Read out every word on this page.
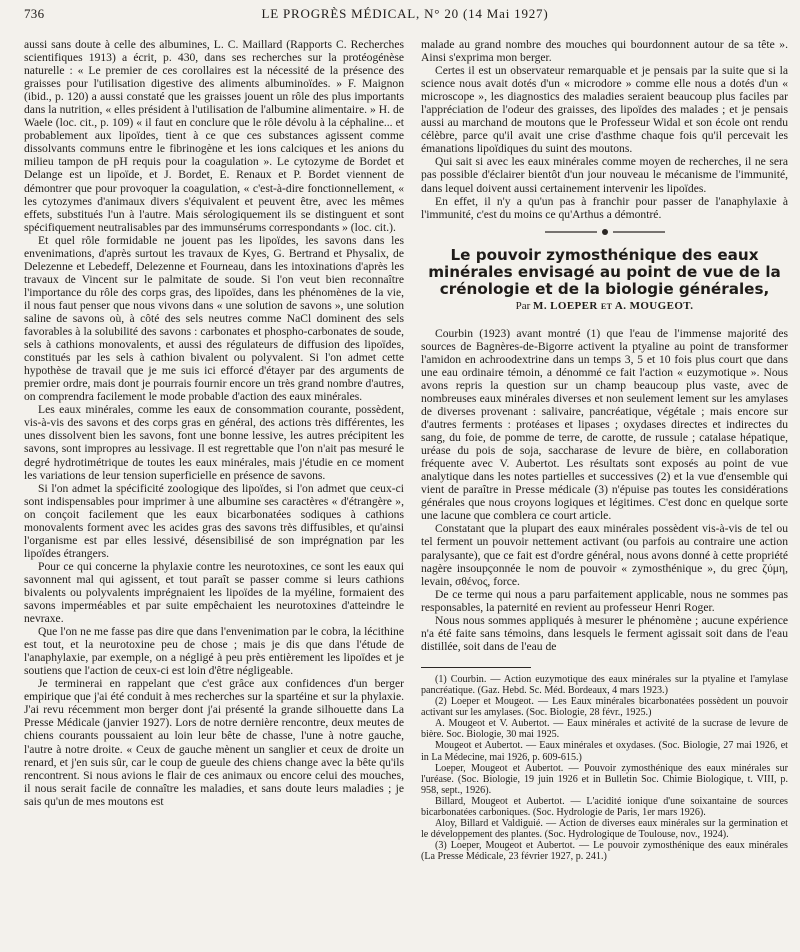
736	LE PROGRÈS MÉDICAL, N° 20 (14 Mai 1927)

aussi sans doute à celle des albumines, L. C. Maillard (Rapports C. Recherches scientifiques 1913) a écrit, p. 430, dans ses recherches sur la protéogénèse naturelle : « Le premier de ces corollaires est la nécessité de la présence des graisses pour l'utilisation digestive des aliments albuminoïdes. » F. Maignon (ibid., p. 120) a aussi constaté que les graisses jouent un rôle des plus importants dans la nutrition, « elles président à l'utilisation de l'albumine alimentaire. » H. de Waele (loc. cit., p. 109) « il faut en conclure que le rôle dévolu à la céphaline... et probablement aux lipoïdes, tient à ce que ces substances agissent comme dissolvants communs entre le fibrinogène et les ions calciques et les anions du milieu tampon de pH requis pour la coagulation ». Le cytozyme de Bordet et Delange est un lipoïde, et J. Bordet, E. Renaux et P. Bordet viennent de démontrer que pour provoquer la coagulation, « c'est-à-dire fonctionnellement, « les cytozymes d'animaux divers s'équivalent et peuvent être, avec les mêmes effets, substitués l'un à l'autre. Mais sérologiquement ils se distinguent et sont spécifiquement neutralisables par des immunsérums correspondants » (loc. cit.).

Et quel rôle formidable ne jouent pas les lipoïdes, les savons dans les envenimations, d'après surtout les travaux de Kyes, G. Bertrand et Physalix, de Delezenne et Lebedeff, Delezenne et Fourneau, dans les intoxinations d'après les travaux de Vincent sur le palmitate de soude. Si l'on veut bien reconnaître l'importance du rôle des corps gras, des lipoïdes, dans les phénomènes de la vie, il nous faut penser que nous vivons dans « une solution de savons », une solution saline de savons où, à côté des sels neutres comme NaCl dominent des sels favorables à la solubilité des savons : carbonates et phospho-carbonates de soude, sels à cathions monovalents, et aussi des régulateurs de diffusion des lipoïdes, constitués par les sels à cathion bivalent ou polyvalent. Si l'on admet cette hypothèse de travail que je me suis ici efforcé d'étayer par des arguments de premier ordre, mais dont je pourrais fournir encore un très grand nombre d'autres, on comprendra facilement le mode probable d'action des eaux minérales.

Les eaux minérales, comme les eaux de consommation courante, possèdent, vis-à-vis des savons et des corps gras en général, des actions très différentes, les unes dissolvent bien les savons, font une bonne lessive, les autres précipitent les savons, sont impropres au lessivage. Il est regrettable que l'on n'ait pas mesuré le degré hydrotimétrique de toutes les eaux minérales, mais j'étudie en ce moment les variations de leur tension superficielle en présence de savons.

Si l'on admet la spécificité zoologique des lipoïdes, si l'on admet que ceux-ci sont indispensables pour imprimer à une albumine ses caractères « d'étrangère », on conçoit facilement que les eaux bicarbonatées sodiques à cathions monovalents forment avec les acides gras des savons très diffusibles, et qu'ainsi l'organisme est par elles lessivé, désensibilisé de son imprégnation par les lipoïdes étrangers.

Pour ce qui concerne la phylaxie contre les neurotoxines, ce sont les eaux qui savonnent mal qui agissent, et tout paraît se passer comme si leurs cathions bivalents ou polyvalents imprégnaient les lipoïdes de la myéline, formaient des savons imperméables et par suite empêchaient les neurotoxines d'atteindre le nevraxe.

Que l'on ne me fasse pas dire que dans l'envenimation par le cobra, la lécithine est tout, et la neurotoxine peu de chose ; mais je dis que dans l'étude de l'anaphylaxie, par exemple, on a négligé à peu près entièrement les lipoïdes et je soutiens que l'action de ceux-ci est loin d'être négligeable.

Je terminerai en rappelant que c'est grâce aux confidences d'un berger empirique que j'ai été conduit à mes recherches sur la spartéine et sur la phylaxie. J'ai revu récemment mon berger dont j'ai présenté la grande silhouette dans La Presse Médicale (janvier 1927). Lors de notre dernière rencontre, deux meutes de chiens courants poussaient au loin leur bête de chasse, l'une à notre gauche, l'autre à notre droite. « Ceux de gauche mènent un sanglier et ceux de droite un renard, et j'en suis sûr, car le coup de gueule des chiens change avec la bête qu'ils rencontrent. Si nous avions le flair de ces animaux ou encore celui des mouches, il nous serait facile de connaître les maladies, et sans doute leurs maladies ; je sais qu'un de mes moutons est

malade au grand nombre des mouches qui bourdonnent autour de sa tête ». Ainsi s'exprima mon berger.

Certes il est un observateur remarquable et je pensais par la suite que si la science nous avait dotés d'un « microdore » comme elle nous a dotés d'un « microscope », les diagnostics des maladies seraient beaucoup plus faciles par l'appréciation de l'odeur des graisses, des lipoïdes des malades ; et je pensais aussi au marchand de moutons que le Professeur Widal et son école ont rendu célèbre, parce qu'il avait une crise d'asthme chaque fois qu'il percevait les émanations lipoïdiques du suint des moutons.

Qui sait si avec les eaux minérales comme moyen de recherches, il ne sera pas possible d'éclairer bientôt d'un jour nouveau le mécanisme de l'immunité, dans lequel doivent aussi certainement intervenir les lipoïdes.

En effet, il n'y a qu'un pas à franchir pour passer de l'anaphylaxie à l'immunité, c'est du moins ce qu'Arthus a démontré.

Le pouvoir zymosthénique des eaux minérales envisagé au point de vue de la crénologie et de la biologie générales,
Par M. LOEPER et A. MOUGEOT.

Courbin (1923) avant montré (1) que l'eau de l'immense majorité des sources de Bagnères-de-Bigorre activent la ptyaline au point de transformer l'amidon en achroodextrine dans un temps 3, 5 et 10 fois plus court que dans une eau ordinaire témoin, a dénommé ce fait l'action « euzymotique ». Nous avons repris la question sur un champ beaucoup plus vaste, avec de nombreuses eaux minérales diverses et non seulement lement sur les amylases de diverses provenant : salivaire, pancréatique, végétale ; mais encore sur d'autres ferments : protéases et lipases ; oxydases directes et indirectes du sang, du foie, de pomme de terre, de carotte, de russule ; catalase hépatique, uréase du pois de soja, saccharase de levure de bière, en collaboration fréquente avec V. Aubertot. Les résultats sont exposés au point de vue analytique dans les notes partielles et successives (2) et la vue d'ensemble qui vient de paraître in Presse médicale (3) n'épuise pas toutes les considérations générales que nous croyons logiques et légitimes. C'est donc en quelque sorte une lacune que comblera ce court article.

Constatant que la plupart des eaux minérales possèdent vis-à-vis de tel ou tel ferment un pouvoir nettement activant (ou parfois au contraire une action paralysante), que ce fait est d'ordre général, nous avons donné à cette propriété nagère insoupçonnée le nom de pouvoir « zymosthénique », du grec ζύμη, levain, σθένος, force.

De ce terme qui nous a paru parfaitement applicable, nous ne sommes pas responsables, la paternité en revient au professeur Henri Roger.

Nous nous sommes appliqués à mesurer le phénomène ; aucune expérience n'a été faite sans témoins, dans lesquels le ferment agissait soit dans de l'eau distillée, soit dans de l'eau de

(1) Courbin. — Action euzymotique des eaux minérales sur la ptyaline et l'amylase pancréatique. (Gaz. Hebd. Sc. Méd. Bordeaux, 4 mars 1923.)

(2) Loeper et Mougeot. — Les Eaux minérales bicarbonatées possèdent un pouvoir activant sur les amylases. (Soc. Biologie, 28 févr., 1925.)

A. Mougeot et V. Aubertot. — Eaux minérales et activité de la sucrase de levure de bière. Soc. Biologie, 30 mai 1925.

Mougeot et Aubertot. — Eaux minérales et oxydases. (Soc. Biologie, 27 mai 1926, et in La Médecine, mai 1926, p. 609-615.)

Loeper, Mougeot et Aubertot. — Pouvoir zymosthénique des eaux minérales sur l'uréase. (Soc. Biologie, 19 juin 1926 et in Bulletin Soc. Chimie Biologique, t. VIII, p. 958, sept., 1926).

Billard, Mougeot et Aubertot. — L'acidité ionique d'une soixantaine de sources bicarbonatées carboniques. (Soc. Hydrologie de Paris, 1er mars 1926).

Aloy, Billard et Valdiguié. — Action de diverses eaux minérales sur la germination et le développement des plantes. (Soc. Hydrologique de Toulouse, nov., 1924).

(3) Loeper, Mougeot et Aubertot. — Le pouvoir zymosthénique des eaux minérales (La Presse Médicale, 23 février 1927, p. 241.)
